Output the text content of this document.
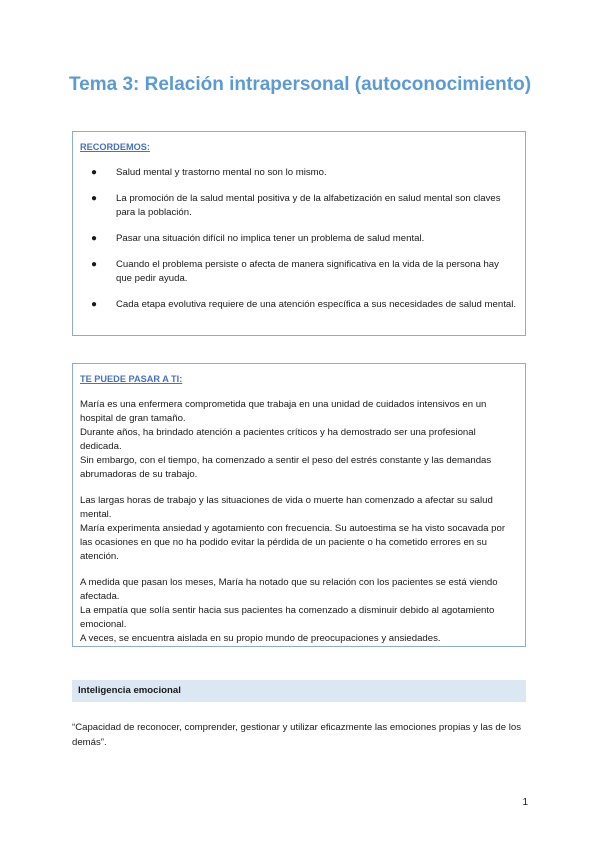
Tema 3: Relación intrapersonal (autoconocimiento)
RECORDEMOS:
● Salud mental y trastorno mental no son lo mismo.
● La promoción de la salud mental positiva y de la alfabetización en salud mental son claves para la población.
● Pasar una situación difícil no implica tener un problema de salud mental.
● Cuando el problema persiste o afecta de manera significativa en la vida de la persona hay que pedir ayuda.
● Cada etapa evolutiva requiere de una atención específica a sus necesidades de salud mental.
TE PUEDE PASAR A TI:

María es una enfermera comprometida que trabaja en una unidad de cuidados intensivos en un hospital de gran tamaño.

Durante años, ha brindado atención a pacientes críticos y ha demostrado ser una profesional dedicada.

Sin embargo, con el tiempo, ha comenzado a sentir el peso del estrés constante y las demandas abrumadoras de su trabajo.

Las largas horas de trabajo y las situaciones de vida o muerte han comenzado a afectar su salud mental.

María experimenta ansiedad y agotamiento con frecuencia. Su autoestima se ha visto socavada por las ocasiones en que no ha podido evitar la pérdida de un paciente o ha cometido errores en su atención.

A medida que pasan los meses, María ha notado que su relación con los pacientes se está viendo afectada.

La empatía que solía sentir hacia sus pacientes ha comenzado a disminuir debido al agotamiento emocional.

A veces, se encuentra aislada en su propio mundo de preocupaciones y ansiedades.

Inteligencia emocional

“Capacidad de reconocer, comprender, gestionar y utilizar eficazmente las emociones propias y las de los demás”.

1
